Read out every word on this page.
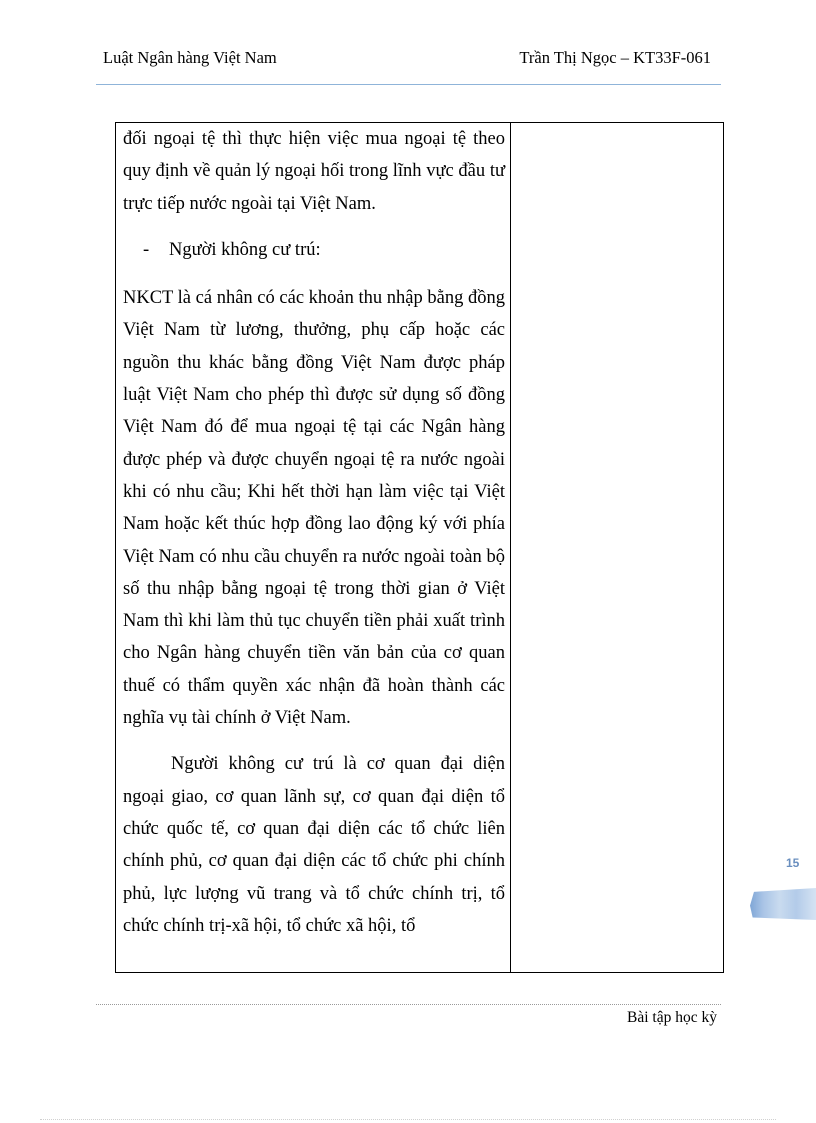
Luật Ngân hàng Việt Nam	Trần Thị Ngọc – KT33F-061

đối ngoại tệ thì thực hiện việc mua ngoại tệ theo quy định về quản lý ngoại hối trong lĩnh vực đầu tư trực tiếp nước ngoài tại Việt Nam.

- Người không cư trú:

NKCT là cá nhân có các khoản thu nhập bằng đồng Việt Nam từ lương, thưởng, phụ cấp hoặc các nguồn thu khác bằng đồng Việt Nam được pháp luật Việt Nam cho phép thì được sử dụng số đồng Việt Nam đó để mua ngoại tệ tại các Ngân hàng được phép và được chuyển ngoại tệ ra nước ngoài khi có nhu cầu; Khi hết thời hạn làm việc tại Việt Nam hoặc kết thúc hợp đồng lao động ký với phía Việt Nam có nhu cầu chuyển ra nước ngoài toàn bộ số thu nhập bằng ngoại tệ trong thời gian ở Việt Nam thì khi làm thủ tục chuyển tiền phải xuất trình cho Ngân hàng chuyển tiền văn bản của cơ quan thuế có thẩm quyền xác nhận đã hoàn thành các nghĩa vụ tài chính ở Việt Nam.

Người không cư trú là cơ quan đại diện ngoại giao, cơ quan lãnh sự, cơ quan đại diện tổ chức quốc tế, cơ quan đại diện các tổ chức liên chính phủ, cơ quan đại diện các tổ chức phi chính phủ, lực lượng vũ trang và tổ chức chính trị, tổ chức chính trị-xã hội, tổ chức xã hội, tổ

15
Bài tập học kỳ
